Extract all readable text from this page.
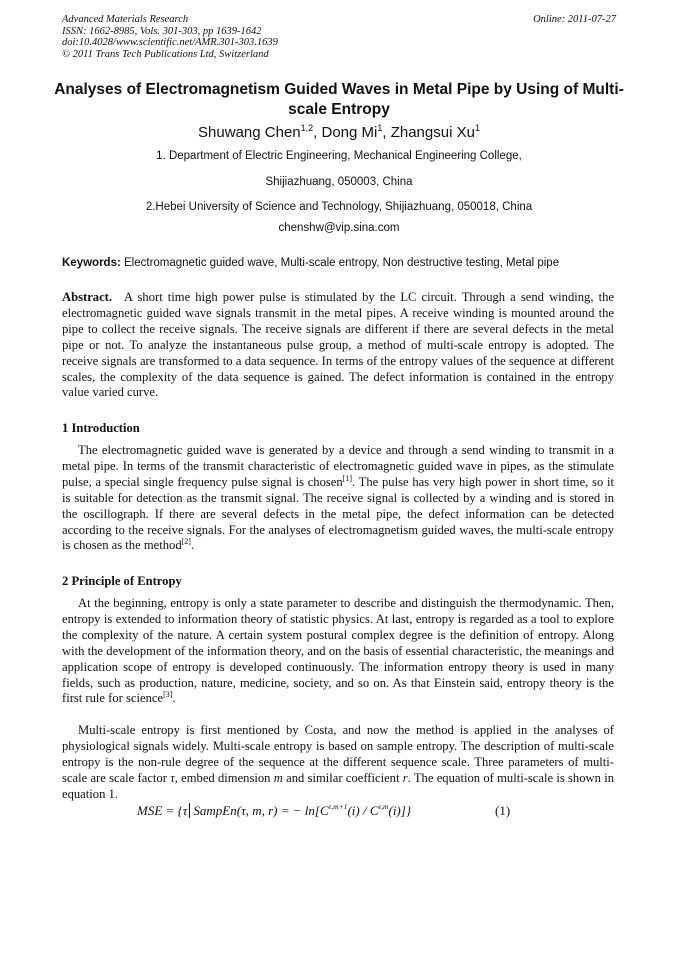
Advanced Materials Research
ISSN: 1662-8985, Vols. 301-303, pp 1639-1642
doi:10.4028/www.scientific.net/AMR.301-303.1639
© 2011 Trans Tech Publications Ltd, Switzerland
Online: 2011-07-27
Analyses of Electromagnetism Guided Waves in Metal Pipe by Using of Multi-scale Entropy
Shuwang Chen$^{1,2}$, Dong Mi$^1$, Zhangsui Xu$^1$
1. Department of Electric Engineering, Mechanical Engineering College,
Shijiazhuang, 050003, China
2.Hebei University of Science and Technology, Shijiazhuang, 050018, China
chenshw@vip.sina.com
Keywords: Electromagnetic guided wave, Multi-scale entropy, Non destructive testing, Metal pipe
Abstract. A short time high power pulse is stimulated by the LC circuit. Through a send winding, the electromagnetic guided wave signals transmit in the metal pipes. A receive winding is mounted around the pipe to collect the receive signals. The receive signals are different if there are several defects in the metal pipe or not. To analyze the instantaneous pulse group, a method of multi-scale entropy is adopted. The receive signals are transformed to a data sequence. In terms of the entropy values of the sequence at different scales, the complexity of the data sequence is gained. The defect information is contained in the entropy value varied curve.
1 Introduction
The electromagnetic guided wave is generated by a device and through a send winding to transmit in a metal pipe. In terms of the transmit characteristic of electromagnetic guided wave in pipes, as the stimulate pulse, a special single frequency pulse signal is chosen[1]. The pulse has very high power in short time, so it is suitable for detection as the transmit signal. The receive signal is collected by a winding and is stored in the oscillograph. If there are several defects in the metal pipe, the defect information can be detected according to the receive signals. For the analyses of electromagnetism guided waves, the multi-scale entropy is chosen as the method[2].
2 Principle of Entropy
At the beginning, entropy is only a state parameter to describe and distinguish the thermodynamic. Then, entropy is extended to information theory of statistic physics. At last, entropy is regarded as a tool to explore the complexity of the nature. A certain system postural complex degree is the definition of entropy. Along with the development of the information theory, and on the basis of essential characteristic, the meanings and application scope of entropy is developed continuously. The information entropy theory is used in many fields, such as production, nature, medicine, society, and so on. As that Einstein said, entropy theory is the first rule for science[3].
Multi-scale entropy is first mentioned by Costa, and now the method is applied in the analyses of physiological signals widely. Multi-scale entropy is based on sample entropy. The description of multi-scale entropy is the non-rule degree of the sequence at the different sequence scale. Three parameters of multi-scale are scale factor τ, embed dimension m and similar coefficient r. The equation of multi-scale is shown in equation 1.
MSE = {τ SampEn(τ, m, r) = − $\ln[C^{\tau,m+1}(i) / C^{\tau,m}(i)]$}	(1)
